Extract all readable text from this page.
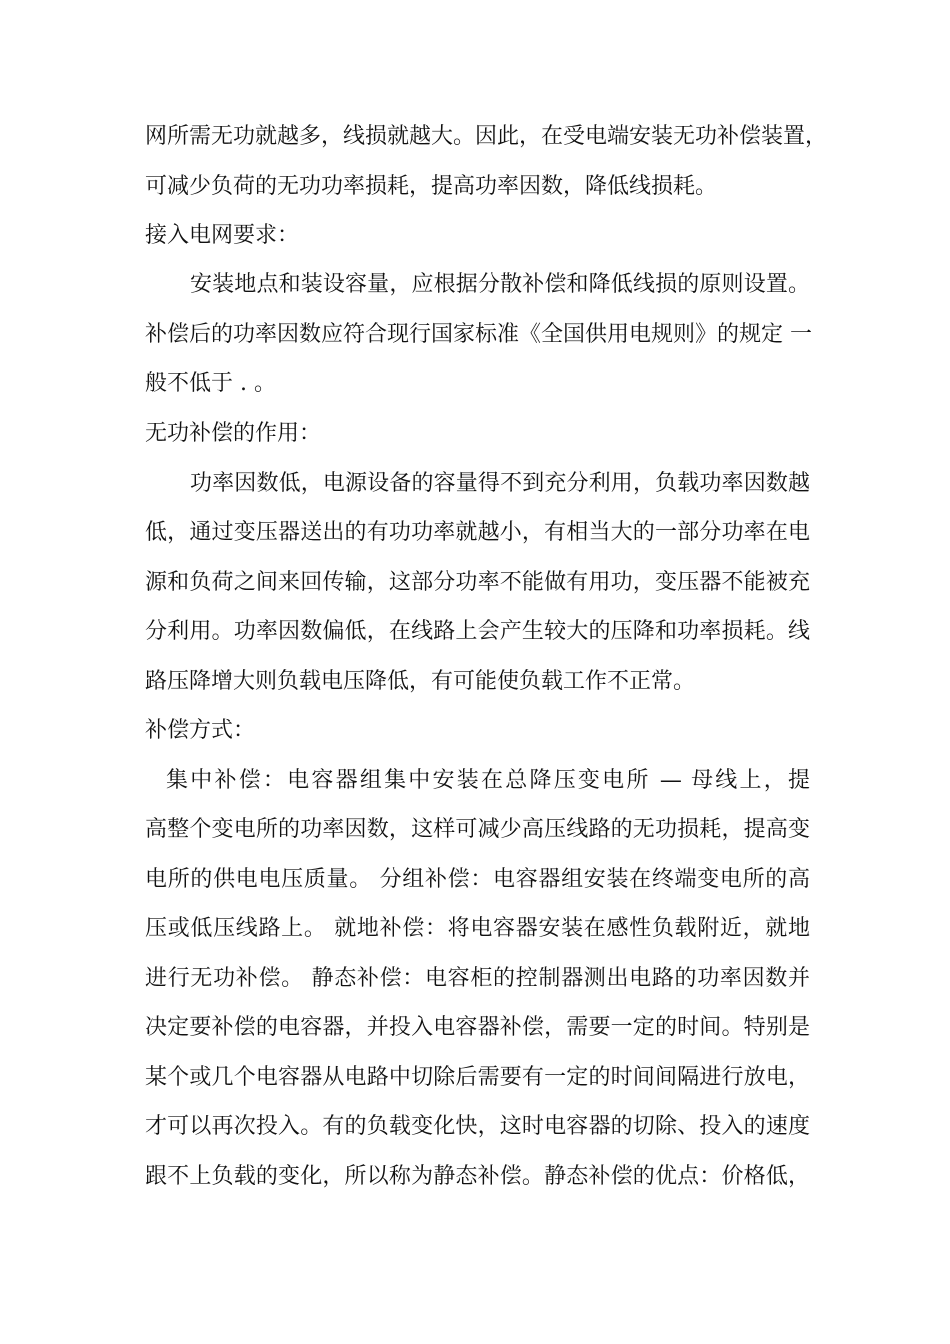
网所需无功就越多，线损就越大。因此，在受电端安装无功补偿装置，
可减少负荷的无功功率损耗，提高功率因数，降低线损耗。
接入电网要求：
安装地点和装设容量，应根据分散补偿和降低线损的原则设置。
补偿后的功率因数应符合现行国家标准《全国供用电规则》的规定 一
般不低于 . 。
无功补偿的作用：
功率因数低，电源设备的容量得不到充分利用，负载功率因数越
低，通过变压器送出的有功功率就越小，有相当大的一部分功率在电
源和负荷之间来回传输，这部分功率不能做有用功，变压器不能被充
分利用。功率因数偏低，在线路上会产生较大的压降和功率损耗。线
路压降增大则负载电压降低，有可能使负载工作不正常。
补偿方式：
集中补偿：电容器组集中安装在总降压变电所 — 母线上，提
高整个变电所的功率因数，这样可减少高压线路的无功损耗，提高变
电所的供电电压质量。 分组补偿：电容器组安装在终端变电所的高
压或低压线路上。 就地补偿：将电容器安装在感性负载附近，就地
进行无功补偿。 静态补偿：电容柜的控制器测出电路的功率因数并
决定要补偿的电容器，并投入电容器补偿，需要一定的时间。特别是
某个或几个电容器从电路中切除后需要有一定的时间间隔进行放电，
才可以再次投入。有的负载变化快，这时电容器的切除、投入的速度
跟不上负载的变化，所以称为静态补偿。静态补偿的优点：价格低，
